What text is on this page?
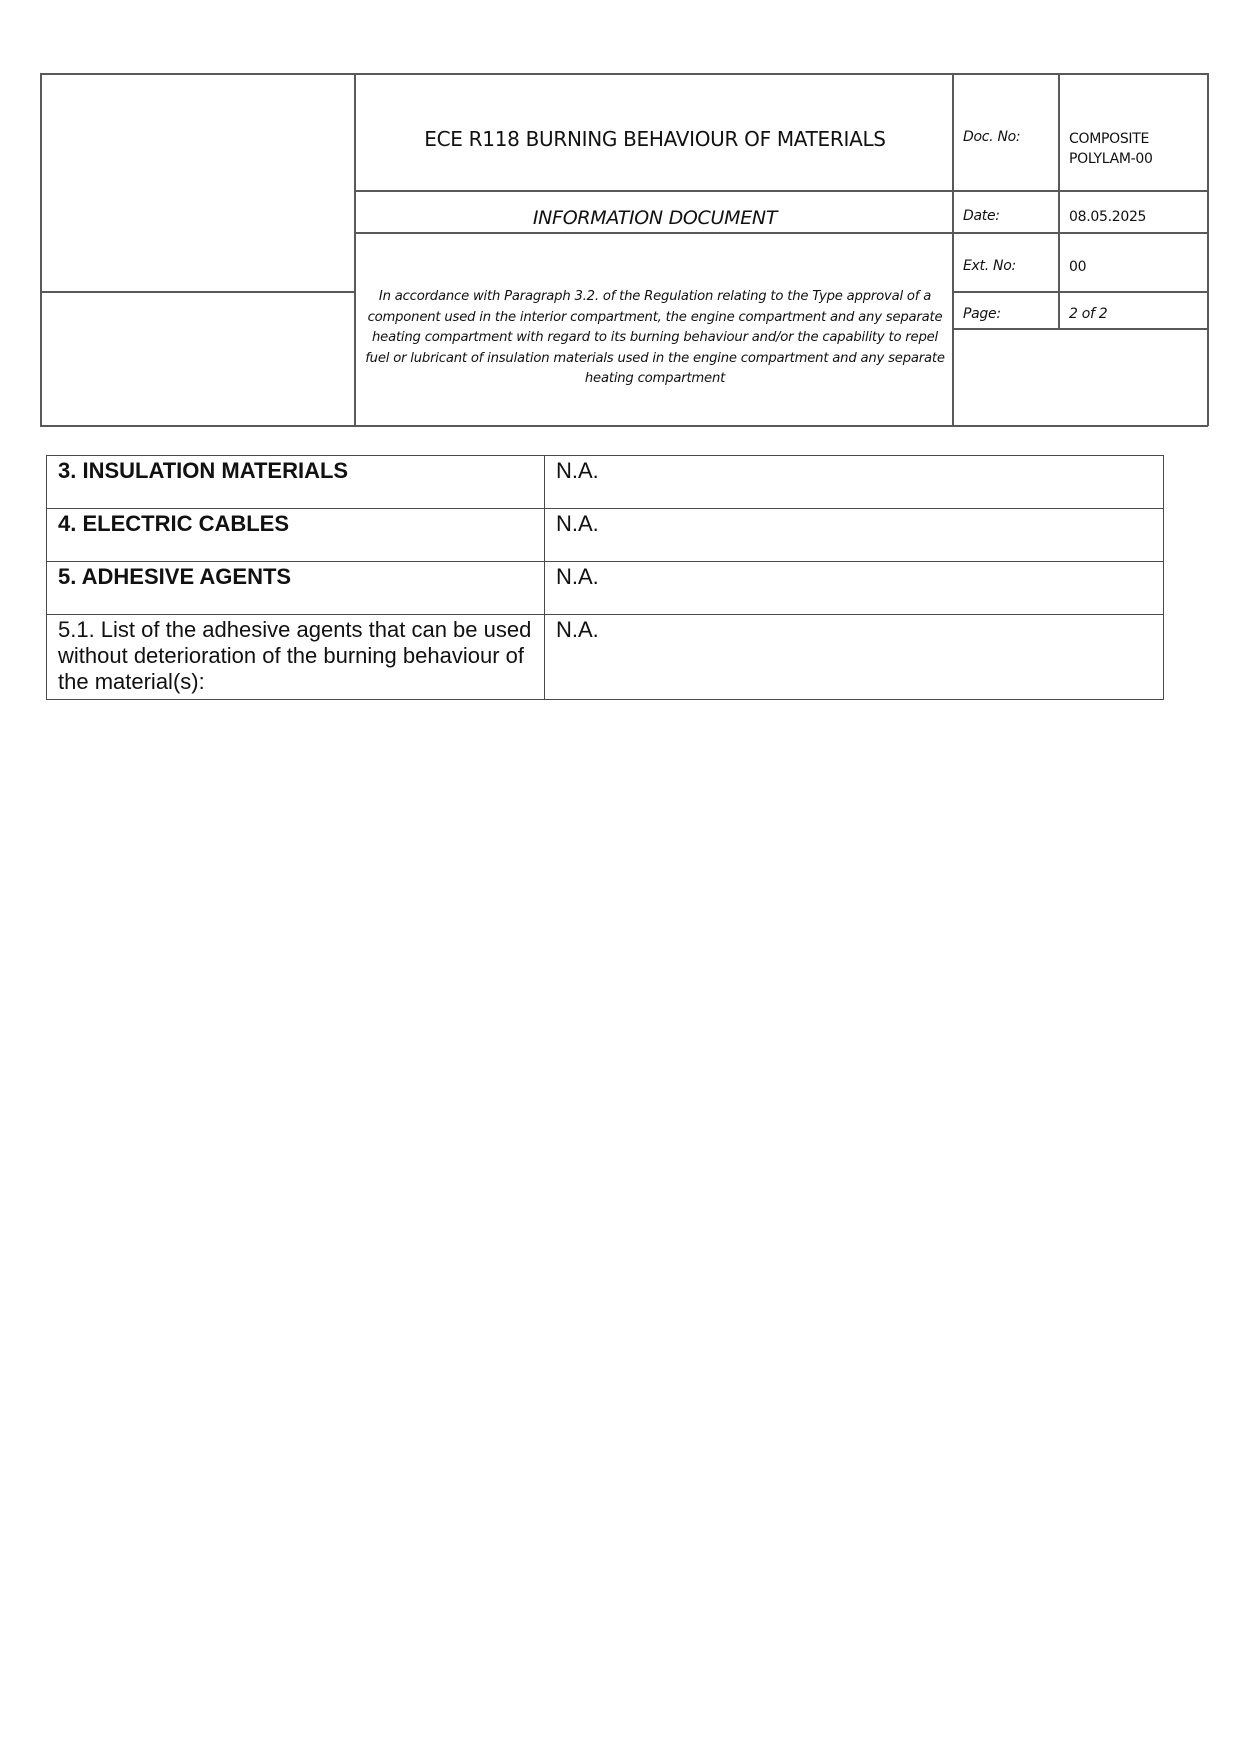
ECE R118 BURNING BEHAVIOUR OF MATERIALS
INFORMATION DOCUMENT
In accordance with Paragraph 3.2. of the Regulation relating to the Type approval of a component used in the interior compartment, the engine compartment and any separate heating compartment with regard to its burning behaviour and/or the capability to repel fuel or lubricant of insulation materials used in the engine compartment and any separate heating compartment
Doc. No:	COMPOSITE
POLYLAM-00
Date:	08.05.2025
Ext. No:	00
Page:	2 of 2
3. INSULATION MATERIALS	N.A.
4. ELECTRIC CABLES	N.A.
5. ADHESIVE AGENTS	N.A.
5.1. List of the adhesive agents that can be used without deterioration of the burning behaviour of the material(s):	N.A.
